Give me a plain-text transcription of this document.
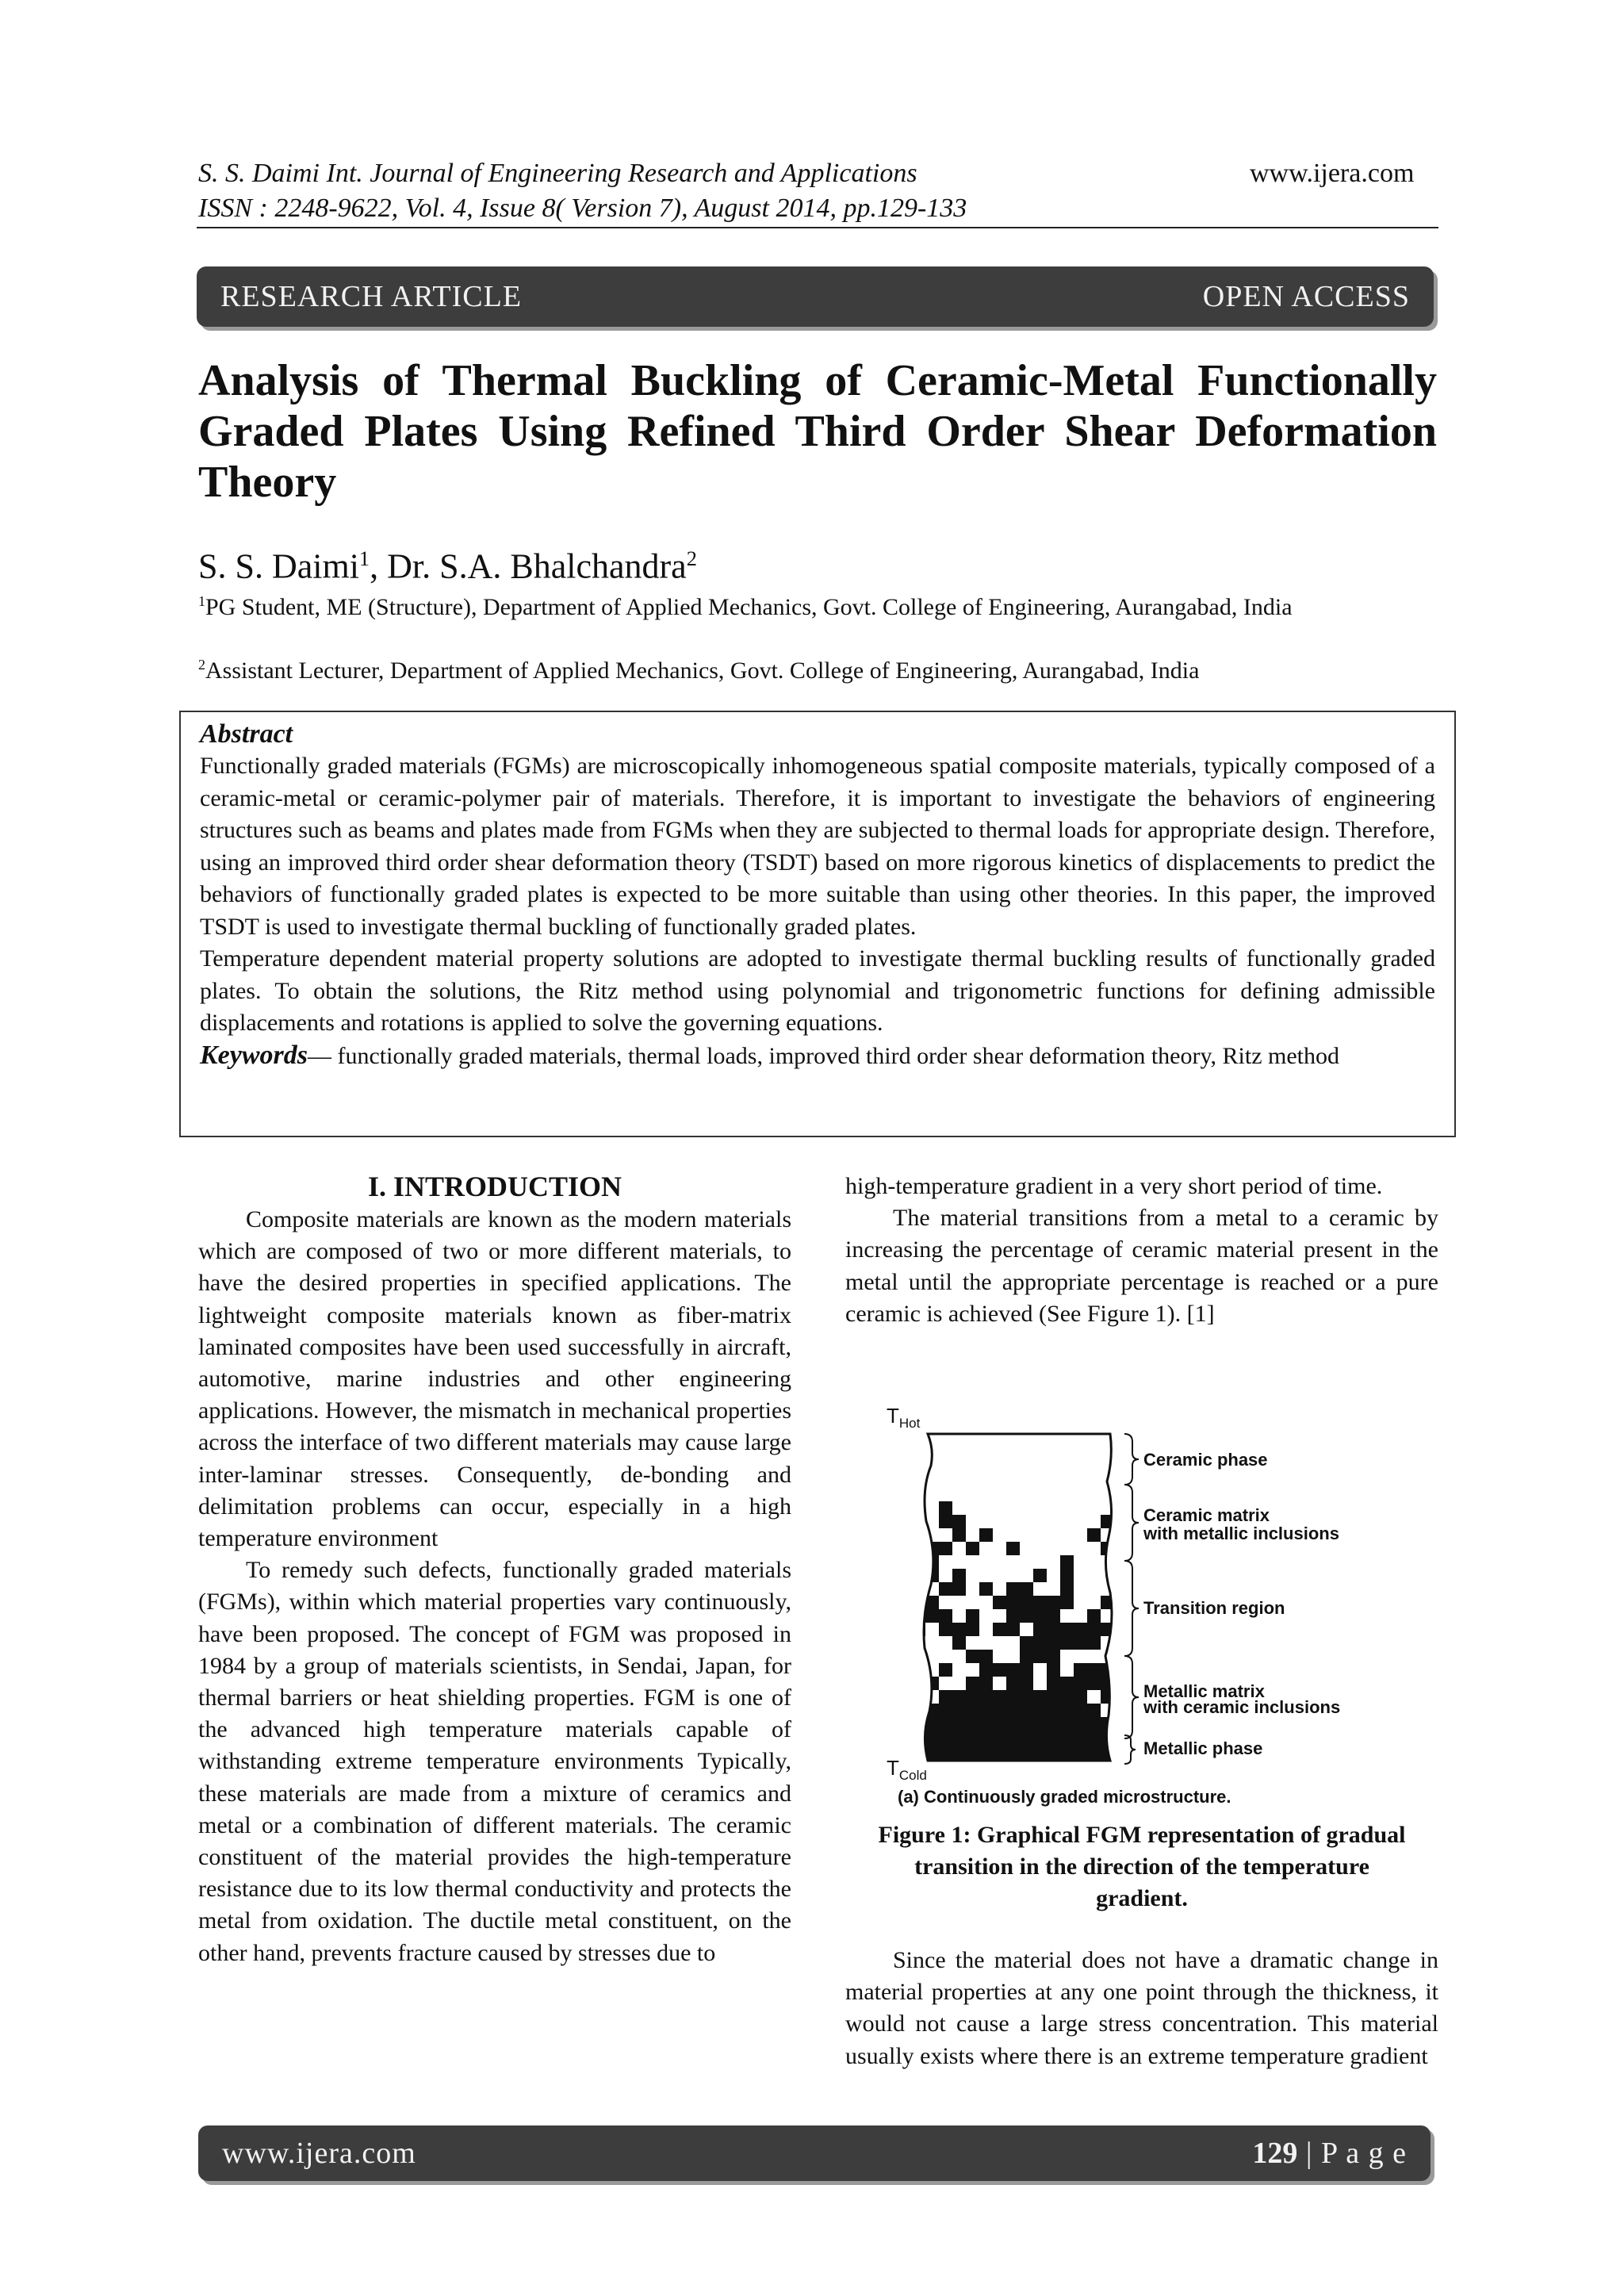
S. S. Daimi Int. Journal of Engineering Research and Applications
ISSN : 2248-9622, Vol. 4, Issue 8( Version 7), August 2014, pp.129-133
www.ijera.com
RESEARCH ARTICLE	OPEN ACCESS
Analysis of Thermal Buckling of Ceramic-Metal Functionally Graded Plates Using Refined Third Order Shear Deformation Theory
S. S. Daimi$^1$, Dr. S.A. Bhalchandra$^2$
$^1$PG Student, ME (Structure), Department of Applied Mechanics, Govt. College of Engineering, Aurangabad, India
$^2$Assistant Lecturer, Department of Applied Mechanics, Govt. College of Engineering, Aurangabad, India
Abstract

Functionally graded materials (FGMs) are microscopically inhomogeneous spatial composite materials, typically composed of a ceramic-metal or ceramic-polymer pair of materials. Therefore, it is important to investigate the behaviors of engineering structures such as beams and plates made from FGMs when they are subjected to thermal loads for appropriate design. Therefore, using an improved third order shear deformation theory (TSDT) based on more rigorous kinetics of displacements to predict the behaviors of functionally graded plates is expected to be more suitable than using other theories. In this paper, the improved TSDT is used to investigate thermal buckling of functionally graded plates.

Temperature dependent material property solutions are adopted to investigate thermal buckling results of functionally graded plates. To obtain the solutions, the Ritz method using polynomial and trigonometric functions for defining admissible displacements and rotations is applied to solve the governing equations.

Keywords— functionally graded materials, thermal loads, improved third order shear deformation theory, Ritz method

I. INTRODUCTION

Composite materials are known as the modern materials which are composed of two or more different materials, to have the desired properties in specified applications. The lightweight composite materials known as fiber-matrix laminated composites have been used successfully in aircraft, automotive, marine industries and other engineering applications. However, the mismatch in mechanical properties across the interface of two different materials may cause large inter-laminar stresses. Consequently, de-bonding and delimitation problems can occur, especially in a high temperature environment

To remedy such defects, functionally graded materials (FGMs), within which material properties vary continuously, have been proposed. The concept of FGM was proposed in 1984 by a group of materials scientists, in Sendai, Japan, for thermal barriers or heat shielding properties. FGM is one of the advanced high temperature materials capable of withstanding extreme temperature environments Typically, these materials are made from a mixture of ceramics and metal or a combination of different materials. The ceramic constituent of the material provides the high-temperature resistance due to its low thermal conductivity and protects the metal from oxidation. The ductile metal constituent, on the other hand, prevents fracture caused by stresses due to

high-temperature gradient in a very short period of time.

The material transitions from a metal to a ceramic by increasing the percentage of ceramic material present in the metal until the appropriate percentage is reached or a pure ceramic is achieved (See Figure 1). [1]

$T_{Hot}$
$T_{Cold}$
Ceramic phase
Ceramic matrix
with metallic inclusions
Transition region
Metallic matrix
with ceramic inclusions
Metallic phase
(a) Continuously graded microstructure.
Figure 1: Graphical FGM representation of gradual transition in the direction of the temperature gradient.

Since the material does not have a dramatic change in material properties at any one point through the thickness, it would not cause a large stress concentration. This material usually exists where there is an extreme temperature gradient

www.ijera.com	129 | P a g e
